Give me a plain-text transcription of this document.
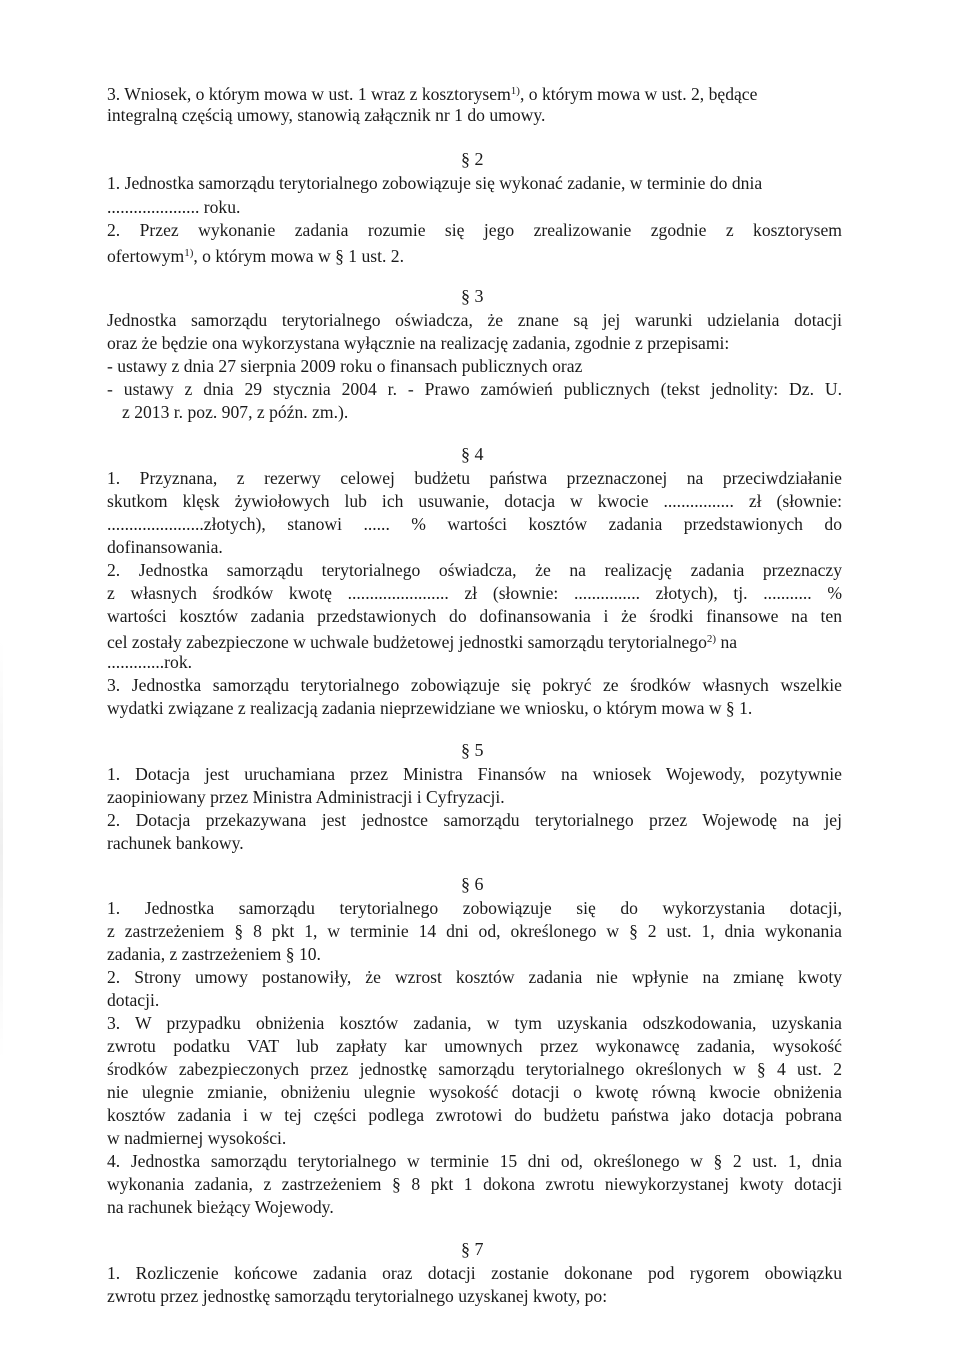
3. Wniosek, o którym mowa w ust. 1 wraz z kosztorysem$^{1)}$, o którym mowa w ust. 2, będące
integralną częścią umowy, stanowią załącznik nr 1 do umowy.
§ 2
1. Jednostka samorządu terytorialnego zobowiązuje się wykonać zadanie, w terminie do dnia
..................... roku.
2. Przez wykonanie zadania rozumie się jego zrealizowanie zgodnie z kosztorysem
ofertowym$^{1)}$, o którym mowa w § 1 ust. 2.
§ 3
Jednostka samorządu terytorialnego oświadcza, że znane są jej warunki udzielania dotacji
oraz że będzie ona wykorzystana wyłącznie na realizację zadania, zgodnie z przepisami:
- ustawy z dnia 27 sierpnia 2009 roku o finansach publicznych oraz
- ustawy z dnia 29 stycznia 2004 r. - Prawo zamówień publicznych (tekst jednolity: Dz. U.
z 2013 r. poz. 907, z późn. zm.).
§ 4
1. Przyznana, z rezerwy celowej budżetu państwa przeznaczonej na przeciwdziałanie
skutkom klęsk żywiołowych lub ich usuwanie, dotacja w kwocie ................ zł (słownie:
......................złotych), stanowi ...... % wartości kosztów zadania przedstawionych do
dofinansowania.
2. Jednostka samorządu terytorialnego oświadcza, że na realizację zadania przeznaczy
z własnych środków kwotę ....................... zł (słownie: ............... złotych), tj. ........... %
wartości kosztów zadania przedstawionych do dofinansowania i że środki finansowe na ten
cel zostały zabezpieczone w uchwale budżetowej jednostki samorządu terytorialnego$^{2)}$ na
.............rok.
3. Jednostka samorządu terytorialnego zobowiązuje się pokryć ze środków własnych wszelkie
wydatki związane z realizacją zadania nieprzewidziane we wniosku, o którym mowa w § 1.
§ 5
1. Dotacja jest uruchamiana przez Ministra Finansów na wniosek Wojewody, pozytywnie
zaopiniowany przez Ministra Administracji i Cyfryzacji.
2. Dotacja przekazywana jest jednostce samorządu terytorialnego przez Wojewodę na jej
rachunek bankowy.
§ 6
1. Jednostka samorządu terytorialnego zobowiązuje się do wykorzystania dotacji,
z zastrzeżeniem § 8 pkt 1, w terminie 14 dni od, określonego w § 2 ust. 1, dnia wykonania
zadania, z zastrzeżeniem § 10.
2. Strony umowy postanowiły, że wzrost kosztów zadania nie wpłynie na zmianę kwoty
dotacji.
3. W przypadku obniżenia kosztów zadania, w tym uzyskania odszkodowania, uzyskania
zwrotu podatku VAT lub zapłaty kar umownych przez wykonawcę zadania, wysokość
środków zabezpieczonych przez jednostkę samorządu terytorialnego określonych w § 4 ust. 2
nie ulegnie zmianie, obniżeniu ulegnie wysokość dotacji o kwotę równą kwocie obniżenia
kosztów zadania i w tej części podlega zwrotowi do budżetu państwa jako dotacja pobrana
w nadmiernej wysokości.
4. Jednostka samorządu terytorialnego w terminie 15 dni od, określonego w § 2 ust. 1, dnia
wykonania zadania, z zastrzeżeniem § 8 pkt 1 dokona zwrotu niewykorzystanej kwoty dotacji
na rachunek bieżący Wojewody.
§ 7
1. Rozliczenie końcowe zadania oraz dotacji zostanie dokonane pod rygorem obowiązku
zwrotu przez jednostkę samorządu terytorialnego uzyskanej kwoty, po:
